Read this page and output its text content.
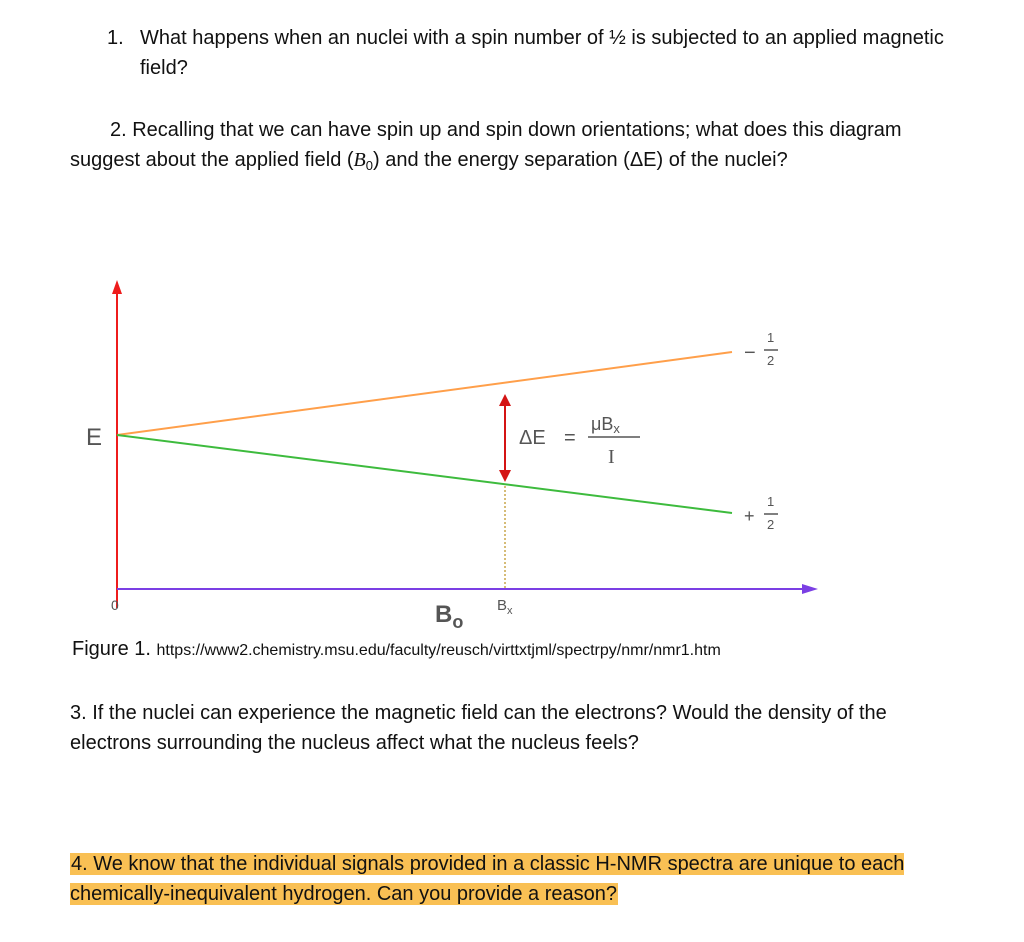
1. What happens when an nuclei with a spin number of ½ is subjected to an applied magnetic field?
2. Recalling that we can have spin up and spin down orientations; what does this diagram suggest about the applied field $(B_0)$ and the energy separation (ΔE) of the nuclei?
E
0	$B_o$
$B_x$
ΔE =
μBx
I
−
1
2
+
1
2
Figure 1. https://www2.chemistry.msu.edu/faculty/reusch/virttxtjml/spectrpy/nmr/nmr1.htm
3. If the nuclei can experience the magnetic field can the electrons? Would the density of the electrons surrounding the nucleus affect what the nucleus feels?
4. We know that the individual signals provided in a classic H-NMR spectra are unique to each chemically-inequivalent hydrogen. Can you provide a reason?
